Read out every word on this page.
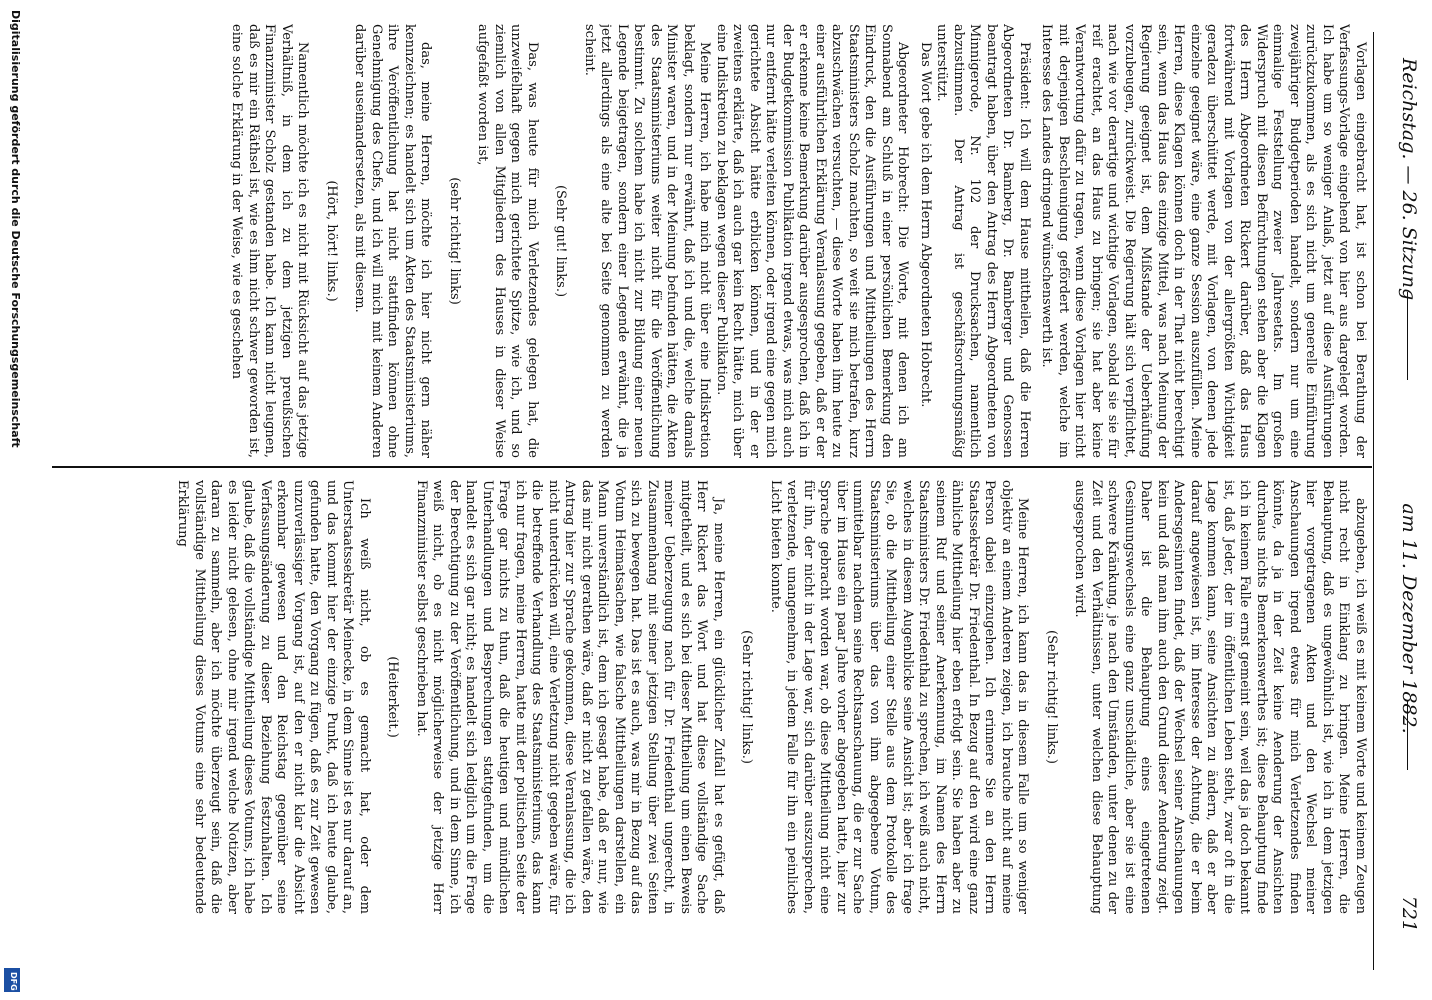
Reichstag. — 26. Sitzung
am 11. Dezember 1882.  721

Vorlagen eingebracht hat, ist schon bei Berathung der Verfassungs-Vorlage eingehend von hier aus dargelegt worden. Ich habe um so weniger Anlaß, jetzt auf diese Ausführungen zurückzukommen, als es sich nicht um generelle Einführung zweijähriger Budgetperioden handelt, sondern nur um eine einmalige Feststellung zweier Jahresetats. Im großen Widerspruch mit diesen Befürchtungen stehen aber die Klagen des Herrn Abgeordneten Rickert darüber, daß das Haus fortwährend mit Vorlagen von der allergrößten Wichtigkeit geradezu überschüttet werde, mit Vorlagen, von denen jede einzelne geeignet wäre, eine ganze Session auszufüllen. Meine Herren, diese Klagen können doch in der That nicht berechtigt sein, wenn das Haus das einzige Mittel, was nach Meinung der Regierung geeignet ist, dem Mißstande der Ueberhäufung vorzubeugen, zurückweist. Die Regierung hält sich verpflichtet, nach wie vor derartige und wichtige Vorlagen, sobald sie sie für reif erachtet, an das Haus zu bringen; sie hat aber keine Verantwortung dafür zu tragen, wenn diese Vorlagen hier nicht mit derjenigen Beschleunigung gefördert werden, welche im Interesse des Landes dringend wünschenswerth ist.

Präsident: Ich will dem Hause mittheilen, daß die Herren Abgeordneten Dr. Bamberg, Dr. Bamberger und Genossen beantragt haben, über den Antrag des Herrn Abgeordneten von Minnigerode, Nr. 102 der Drucksachen, namentlich abzustimmen. Der Antrag ist geschäftsordnungsmäßig unterstützt.

Das Wort gebe ich dem Herrn Abgeordneten Hobrecht.

Abgeordneter Hobrecht: Die Worte, mit denen ich am Sonnabend am Schluß in einer persönlichen Bemerkung den Eindruck, den die Ausführungen und Mittheilungen des Herrn Staatsministers Scholz machten, so weit sie mich betrafen, kurz abzuschwächen versuchten, — diese Worte haben ihm heute zu einer ausführlichen Erklärung Veranlassung gegeben, daß er der er erkenne keine Bemerkung darüber ausgesprochen, daß ich in der Budgetkommission Publikation irgend etwas, was mich auch nur entfernt hätte verleiten können, oder irgend eine gegen mich gerichtete Absicht hätte erblicken können, und in der er zweitens erklärte, daß ich auch gar kein Recht hätte, mich über eine Indiskretion zu beklagen wegen dieser Publikation.

Meine Herren, ich habe mich nicht über eine Indiskretion beklagt, sondern nur erwähnt, daß ich und die, welche damals Minister waren, und in der Meinung befunden hätten, die Akten des Staatsministeriums weiter nicht für die Veröffentlichung bestimmt. Zu solchem habe ich nicht zur Bildung einer neuen Legende beigetragen, sondern einer Legende erwähnt, die ja jetzt allerdings als eine alte bei Seite genommen zu werden scheint.

(Sehr gut! links.)

Das, was heute für mich Verletzendes gelegen hat, die unzweifelhaft gegen mich gerichtete Spitze, wie ich, und so ziemlich von allen Mitgliedern des Hauses in dieser Weise aufgefaßt worden ist,

(sehr richtig! links)

das, meine Herren, möchte ich hier nicht gern näher kennzeichnen; es handelt sich um Akten des Staatsministeriums, ihre Veröffentlichung hat nicht stattfinden können ohne Genehmigung des Chefs, und ich will mich mit keinem Anderen darüber auseinandersetzen, als mit diesem.

(Hört, hört! links.)

Namentlich möchte ich es nicht mit Rücksicht auf das jetzige Verhältniß, in dem ich zu dem jetzigen preußischen Finanzminister Scholz gestanden habe. Ich kann nicht leugnen, daß es mir ein Räthsel ist, wie es ihm nicht schwer geworden ist, eine solche Erklärung in der Weise, wie es geschehen

abzugeben, ich weiß es mit keinem Worte und keinem Zeugen nicht recht in Einklang zu bringen. Meine Herren, die Behauptung, daß es ungewöhnlich ist, wie ich in dem jetzigen hier vorgetragenen Akten und den Wechsel meiner Anschauungen irgend etwas für mich Verletzendes finden könnte, da ja in der Zeit keine Aenderung der Ansichten durchaus nichts Bemerkenswerthes ist; diese Behauptung finde ich in keinem Falle ernst gemeint sein, weil das ja doch bekannt ist, daß Jeder, der im öffentlichen Leben steht, zwar oft in die Lage kommen kann, seine Ansichten zu ändern, daß er aber darauf angewiesen ist, im Interesse der Achtung, die er beim Andersgesinnten findet, daß der Wechsel seiner Anschauungen kein und daß man ihm auch den Grund dieser Aenderung zeigt. Daher ist die Behauptung eines eingetretenen Gesinnungswechsels eine ganz unschädliche, aber sie ist eine schwere Kränkung, je nach den Umständen, unter denen zu der Zeit und den Verhältnissen, unter welchen diese Behauptung ausgesprochen wird.

(Sehr richtig! links.)

Meine Herren, ich kann das in diesem Falle um so weniger objektiv an einem Anderen zeigen, ich brauche nicht auf meine Person dabei einzugehen. Ich erinnere Sie an den Herrn Staatssekretär Dr. Friedenthal. In Bezug auf den wird eine ganz ähnliche Mittheilung hier eben erfolgt sein. Sie haben aber zu seinem Ruf und seiner Anerkennung, im Namen des Herrn Staatsministers Dr. Friedenthal zu sprechen, ich weiß auch nicht, welches in diesem Augenblicke seine Ansicht ist; aber ich frage Sie, ob die Mittheilung einer Stelle aus dem Protokolle des Staatsministeriums über das von ihm abgegebene Votum, unmittelbar nachdem seine Rechtsanschauung, die er zur Sache über im Hause ein paar Jahre vorher abgegeben hatte, hier zur Sprache gebracht worden war, ob diese Mittheilung nicht eine für ihn, der nicht in der Lage war, sich darüber auszusprechen, verletzende, unangenehme, in jedem Falle für ihn ein peinliches Licht bieten konnte.

(Sehr richtig! links.)

Ja, meine Herren, ein glücklicher Zufall hat es gefügt, daß Herr Rickert das Wort und hat diese vollständige Sache mitgetheilt, und es sich bei dieser Mittheilung um einen Beweis meiner Ueberzeugung nach für Dr. Friedenthal ungerecht, in Zusammenhang mit seiner jetzigen Stellung über zwei Seiten sich zu bewegen hat. Das ist es auch, was mir in Bezug auf das Votum Heimatsachen, wie falsche Mittheilungen darstellen, ein Mann unverständlich ist, dem ich gesagt habe, daß er nur, wie das mir nicht gerathen wäre, daß er nicht zu gefallen wäre, den Antrag hier zur Sprache gekommen, diese Veranlassung, die ich nicht unterdrücken will, eine Verletzung nicht gegeben wäre, für die betreffende Verhandlung des Staatsministeriums, das kann ich nur fragen, meine Herren, hatte mit der politischen Seite der Frage gar nichts zu thun, daß die heutigen und mündlichen Unterhandlungen und Besprechungen stattgefunden, um die handelt es sich gar nicht; es handelt sich lediglich um die Frage der Berechtigung zu der Veröffentlichung, und in dem Sinne, ich weiß nicht, ob es nicht möglicherweise der jetzige Herr Finanzminister selbst geschrieben hat.

(Heiterkeit.)

Ich weiß nicht, ob es gemacht hat, oder dem Unterstaatssekretär Meinecke, in dem Sinne ist es nur darauf an, und das kommt hier der einzige Punkt, daß ich heute glaube, gefunden hatte, den Vorgang zu fügen, daß es zur Zeit gewesen unzuverlässiger Vorgang ist, auf den er nicht klar die Absicht erkennbar gewesen und den Reichstag gegenüber seine Verfassungsänderung zu dieser Beziehung festzuhalten. Ich glaube, daß die vollständige Mittheilung dieses Votums, ich habe es leider nicht gelesen, ohne mir irgend welche Notizen, aber daran zu sammeln, aber ich möchte überzeugt sein, daß die vollständige Mittheilung dieses Votums eine sehr bedeutende Erklärung

Digitalisierung gefördert durch die Deutsche Forschungsgemeinschaft
DFG
